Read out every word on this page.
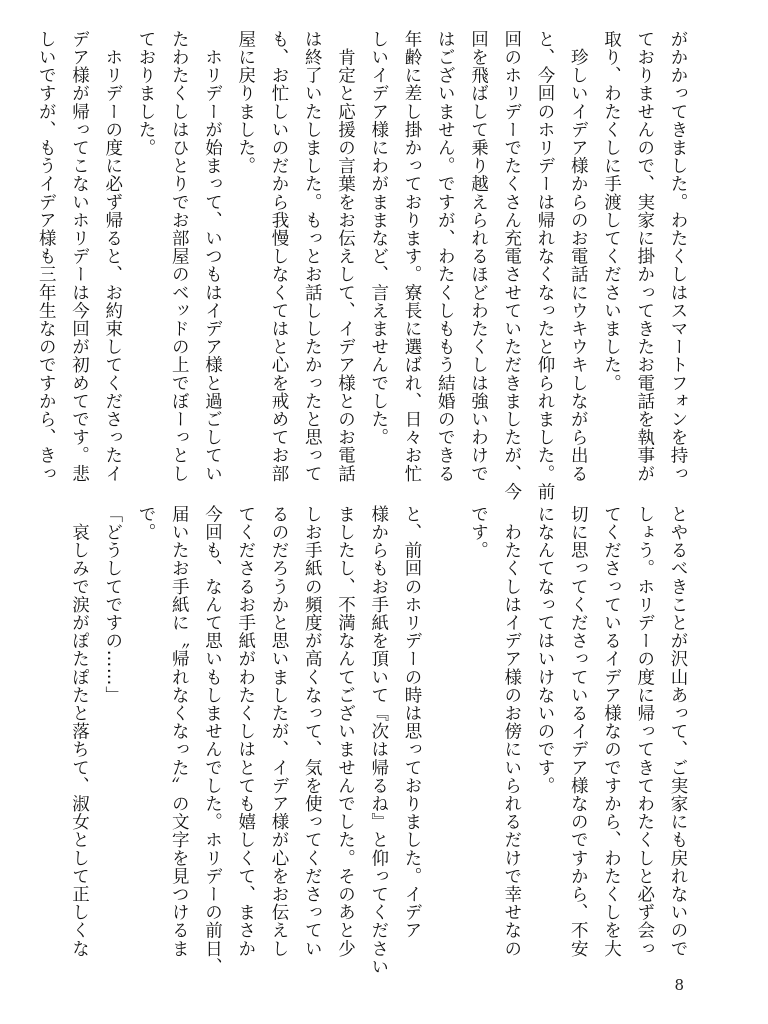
がかかってきました。わたくしはスマートフォンを持っ
ておりませんので、実家に掛かってきたお電話を執事が
取り、わたくしに手渡してくださいました。
　珍しいイデア様からのお電話にウキウキしながら出る
と、今回のホリデーは帰れなくなったと仰られました。前
回のホリデーでたくさん充電させていただきましたが、今
回を飛ばして乗り越えられるほどわたくしは強いわけで
はございません。ですが、わたくしももう結婚のできる
年齢に差し掛かっております。寮長に選ばれ、日々お忙
しいイデア様にわがままなど、言えませんでした。
　肯定と応援の言葉をお伝えして、イデア様とのお電話
は終了いたしました。もっとお話ししたかったと思って
も、お忙しいのだから我慢しなくてはと心を戒めてお部
屋に戻りました。
　ホリデーが始まって、いつもはイデア様と過ごしてい
たわたくしはひとりでお部屋のベッドの上でぼーっとし
ておりました。
　ホリデーの度に必ず帰ると、お約束してくださったイ
デア様が帰ってこないホリデーは今回が初めてです。悲
しいですが、もうイデア様も三年生なのですから、きっ
とやるべきことが沢山あって、ご実家にも戻れないので
しょう。ホリデーの度に帰ってきてわたくしと必ず会っ
てくださっているイデア様なのですから、わたくしを大
切に思ってくださっているイデア様なのですから、不安
になんてなってはいけないのです。
　わたくしはイデア様のお傍にいられるだけで幸せなの
です。

と、前回のホリデーの時は思っておりました。イデア
様からもお手紙を頂いて『次は帰るね』と仰ってください
ましたし、不満なんてございませんでした。そのあと少
しお手紙の頻度が高くなって、気を使ってくださってい
るのだろうかと思いましたが、イデア様が心をお伝えし
てくださるお手紙がわたくしはとても嬉しくて、まさか
今回も、なんて思いもしませんでした。ホリデーの前日、
届いたお手紙に〝帰れなくなった〟の文字を見つけるま
で。
「どうしてですの……」
　哀しみで涙がぽたぽたと落ちて、淑女として正しくな
8
